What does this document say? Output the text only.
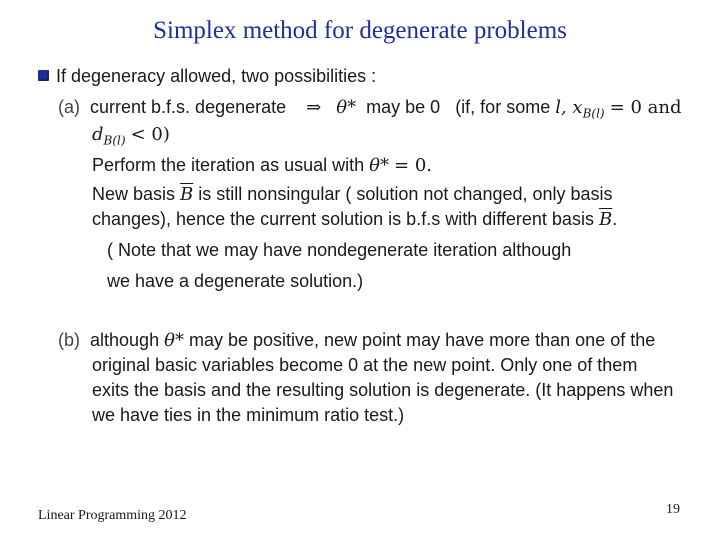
Simplex method for degenerate problems
If degeneracy allowed, two possibilities :
(a) current b.f.s. degenerate ⇒ θ* may be 0 (if, for some l, $x_{B(l)} = 0$ and
$d_{B(l)} < 0$)
Perform the iteration as usual with θ* = 0.
New basis $\overline{B}$ is still nonsingular ( solution not changed, only basis
changes), hence the current solution is b.f.s with different basis $\overline{B}$.
( Note that we may have nondegenerate iteration although
we have a degenerate solution.)
(b) although θ* may be positive, new point may have more than one of the
original basic variables become 0 at the new point. Only one of them
exits the basis and the resulting solution is degenerate. (It happens when
we have ties in the minimum ratio test.)
Linear Programming 2012	19
